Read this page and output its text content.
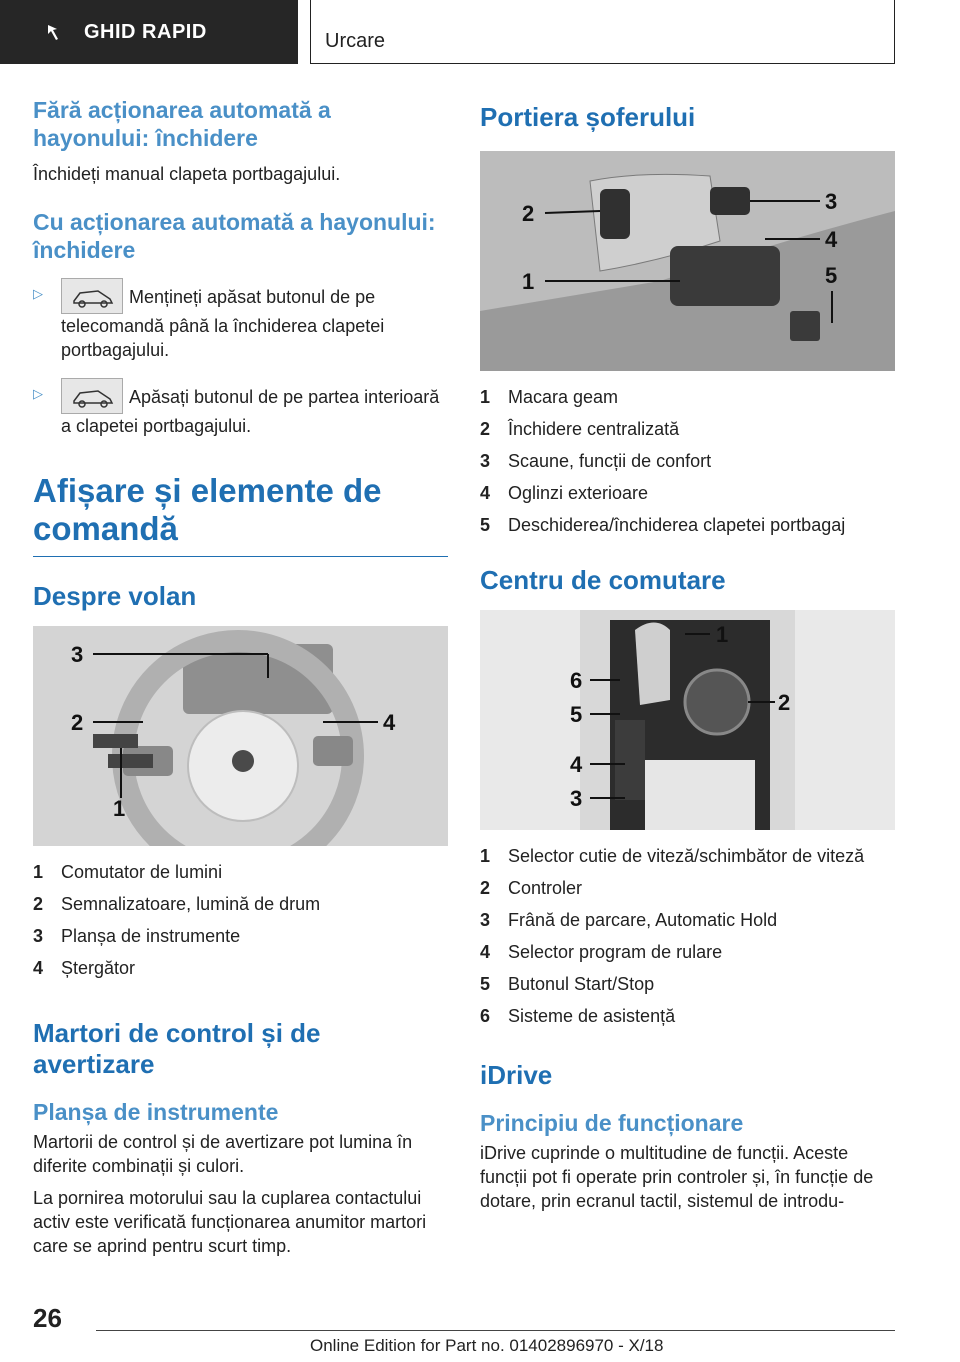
GHID RAPID	Urcare
Fără acționarea automată a hayonului: închidere

Închideți manual clapeta portbagajului.

Cu acționarea automată a hayonului: închidere
▷	Mențineți apăsat butonul de pe telecomandă până la închiderea clapetei portbagajului.
▷	Apăsați butonul de pe partea interioară a clapetei portbagajului.
Afișare și elemente de comandă
Despre volan
3
2	4
1
1 Comutator de lumini
2 Semnalizatoare, lumină de drum
3 Planșa de instrumente
4 Ștergător
Martori de control și de avertizare
Planșa de instrumente

Martorii de control și de avertizare pot lumina în diferite combinații și culori.

La pornirea motorului sau la cuplarea contactului activ este verificată funcționarea anumitor martori care se aprind pentru scurt timp.

Portiera șoferului
2	3
4
1	5
1 Macara geam
2 Închidere centralizată
3 Scaune, funcții de confort
4 Oglinzi exterioare
5 Deschiderea/închiderea clapetei portbagaj
Centru de comutare
1
6
2
5
4
3
1 Selector cutie de viteză/schimbător de viteză
2 Controler
3 Frână de parcare, Automatic Hold
4 Selector program de rulare
5 Butonul Start/Stop
6 Sisteme de asistență
iDrive
Principiu de funcționare

iDrive cuprinde o multitudine de funcții. Aceste funcții pot fi operate prin controler și, în funcție de dotare, prin ecranul tactil, sistemul de introdu-

26
Online Edition for Part no. 01402896970 - X/18
